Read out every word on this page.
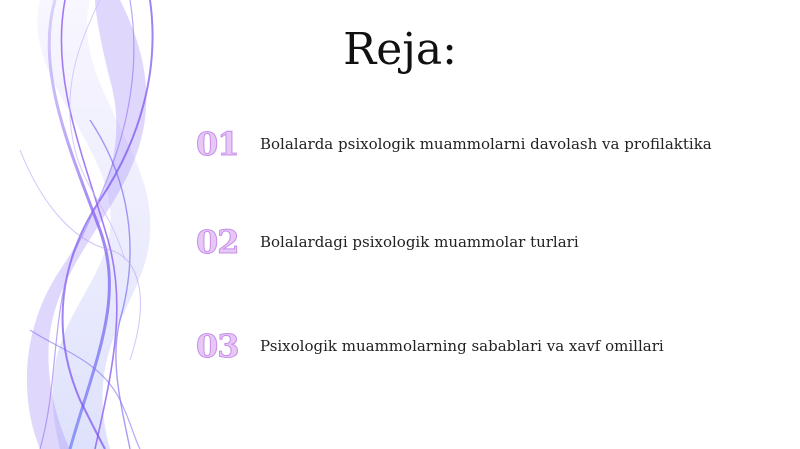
Reja:
01	Bolalarda psixologik muammolarni davolash va profilaktika
02	Bolalardagi psixologik muammolar turlari
03	Psixologik muammolarning sabablari va xavf omillari
